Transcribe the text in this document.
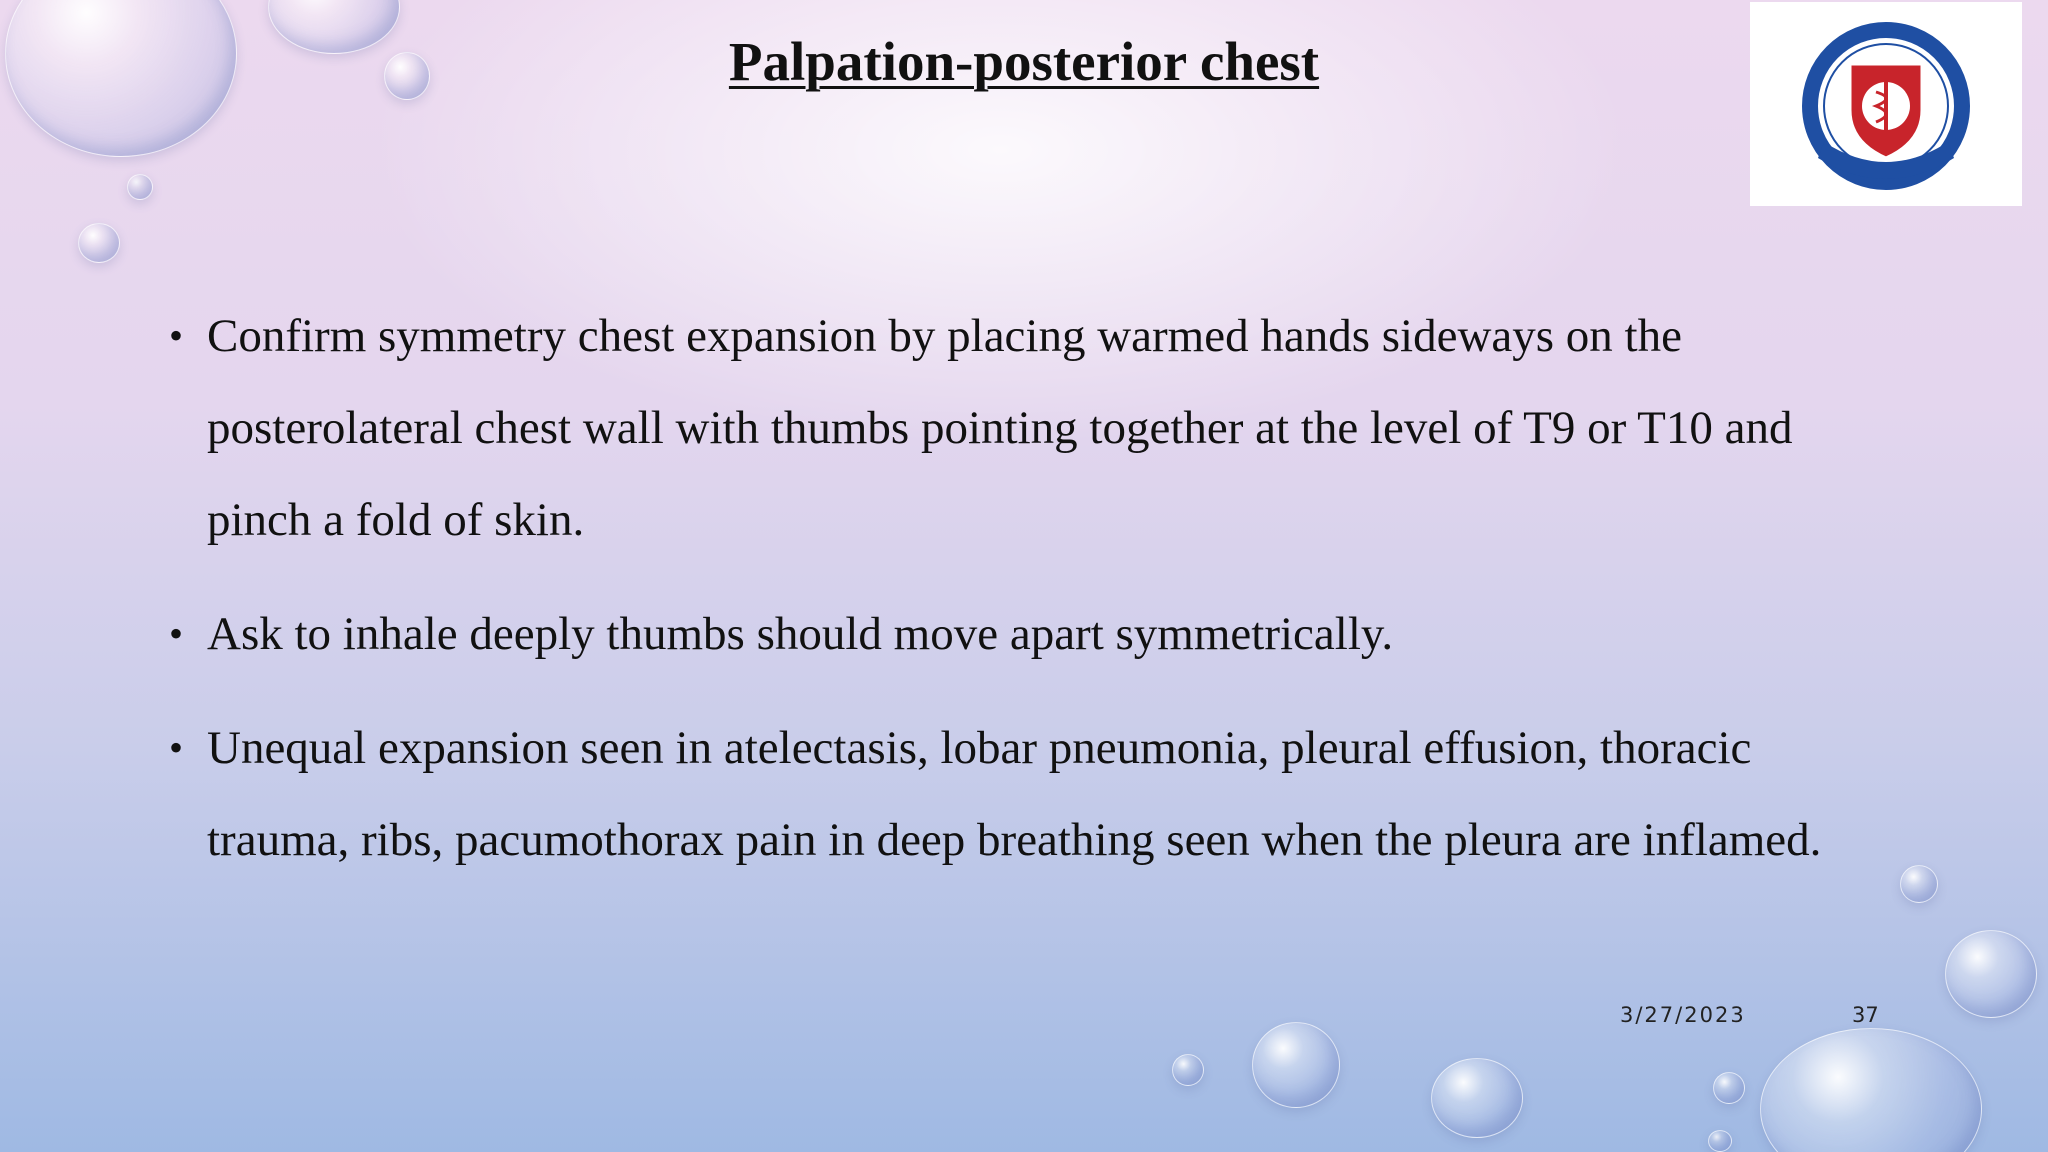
Palpation-posterior chest
• Confirm symmetry chest expansion by placing warmed hands sideways on the posterolateral chest wall with thumbs pointing together at the level of T9 or T10 and pinch a fold of skin.
• Ask to inhale deeply thumbs should move apart symmetrically.
• Unequal expansion seen in atelectasis, lobar pneumonia, pleural effusion, thoracic trauma, ribs, pacumothorax pain in deep breathing seen when the pleura are inflamed.
3/27/2023	37
